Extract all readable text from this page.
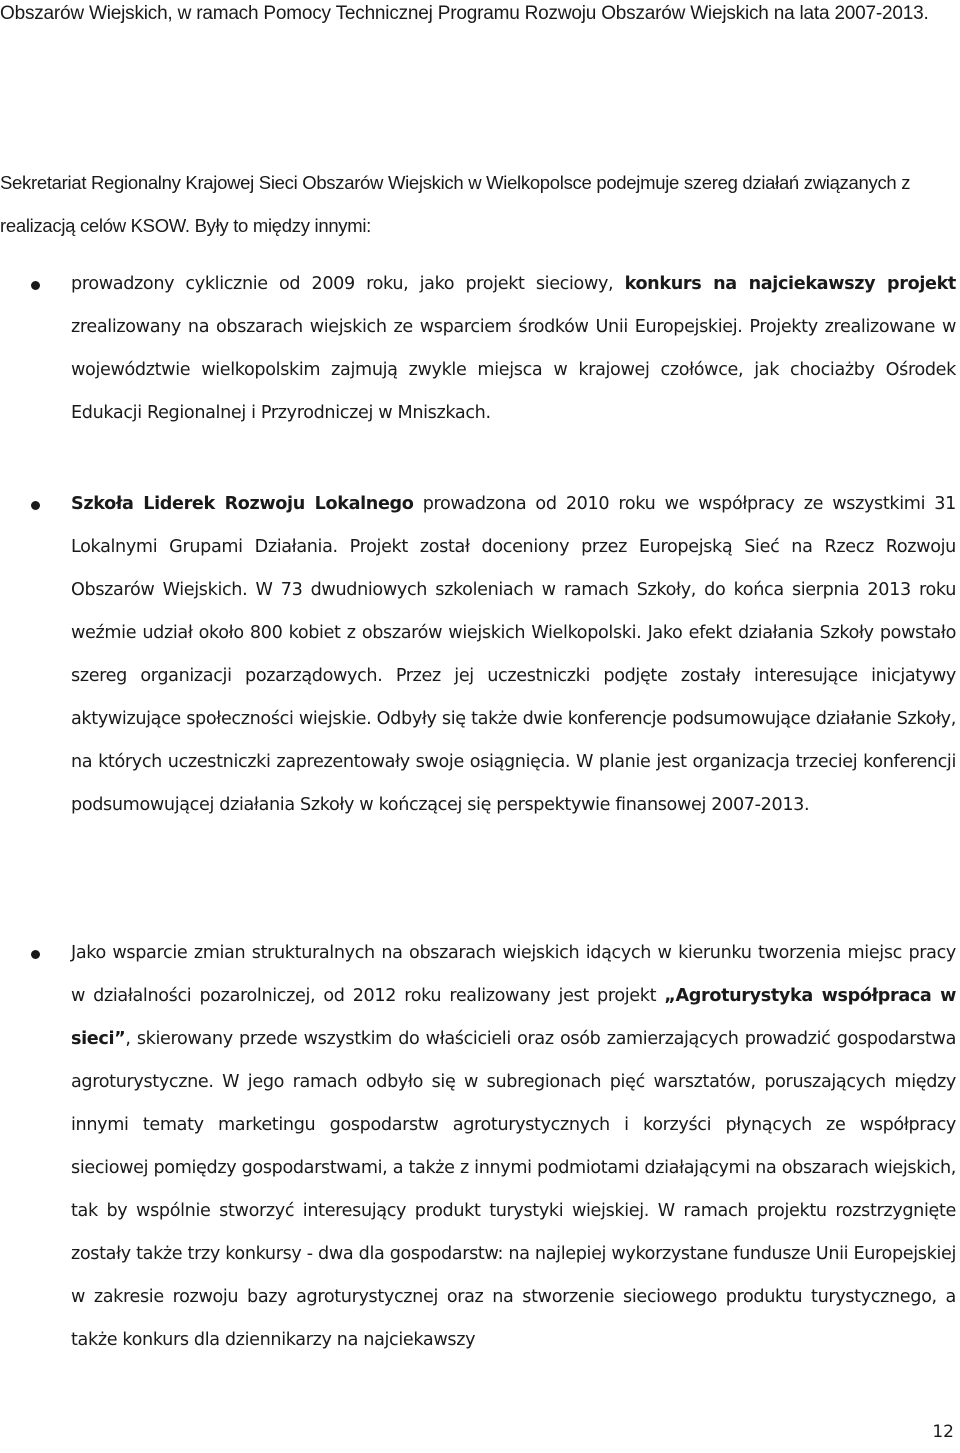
Obszarów Wiejskich, w ramach Pomocy Technicznej Programu Rozwoju Obszarów Wiejskich na lata 2007-2013.

Sekretariat Regionalny Krajowej Sieci Obszarów Wiejskich w Wielkopolsce podejmuje szereg działań związanych z realizacją celów KSOW. Były to między innymi:

prowadzony cyklicznie od 2009 roku, jako projekt sieciowy, konkurs na najciekawszy projekt zrealizowany na obszarach wiejskich ze wsparciem środków Unii Europejskiej. Projekty zrealizowane w województwie wielkopolskim zajmują zwykle miejsca w krajowej czołówce, jak chociażby Ośrodek Edukacji Regionalnej i Przyrodniczej w Mniszkach.

Szkoła Liderek Rozwoju Lokalnego prowadzona od 2010 roku we współpracy ze wszystkimi 31 Lokalnymi Grupami Działania. Projekt został doceniony przez Europejską Sieć na Rzecz Rozwoju Obszarów Wiejskich. W 73 dwudniowych szkoleniach w ramach Szkoły, do końca sierpnia 2013 roku weźmie udział około 800 kobiet z obszarów wiejskich Wielkopolski. Jako efekt działania Szkoły powstało szereg organizacji pozarządowych. Przez jej uczestniczki podjęte zostały interesujące inicjatywy aktywizujące społeczności wiejskie. Odbyły się także dwie konferencje podsumowujące działanie Szkoły, na których uczestniczki zaprezentowały swoje osiągnięcia. W planie jest organizacja trzeciej konferencji podsumowującej działania Szkoły w kończącej się perspektywie finansowej 2007-2013.

Jako wsparcie zmian strukturalnych na obszarach wiejskich idących w kierunku tworzenia miejsc pracy w działalności pozarolniczej, od 2012 roku realizowany jest projekt „Agroturystyka współpraca w sieci”, skierowany przede wszystkim do właścicieli oraz osób zamierzających prowadzić gospodarstwa agroturystyczne. W jego ramach odbyło się w subregionach pięć warsztatów, poruszających między innymi tematy marketingu gospodarstw agroturystycznych i korzyści płynących ze współpracy sieciowej pomiędzy gospodarstwami, a także z innymi podmiotami działającymi na obszarach wiejskich, tak by wspólnie stworzyć interesujący produkt turystyki wiejskiej. W ramach projektu rozstrzygnięte zostały także trzy konkursy - dwa dla gospodarstw: na najlepiej wykorzystane fundusze Unii Europejskiej w zakresie rozwoju bazy agroturystycznej oraz na stworzenie sieciowego produktu turystycznego, a także konkurs dla dziennikarzy na najciekawszy

12
